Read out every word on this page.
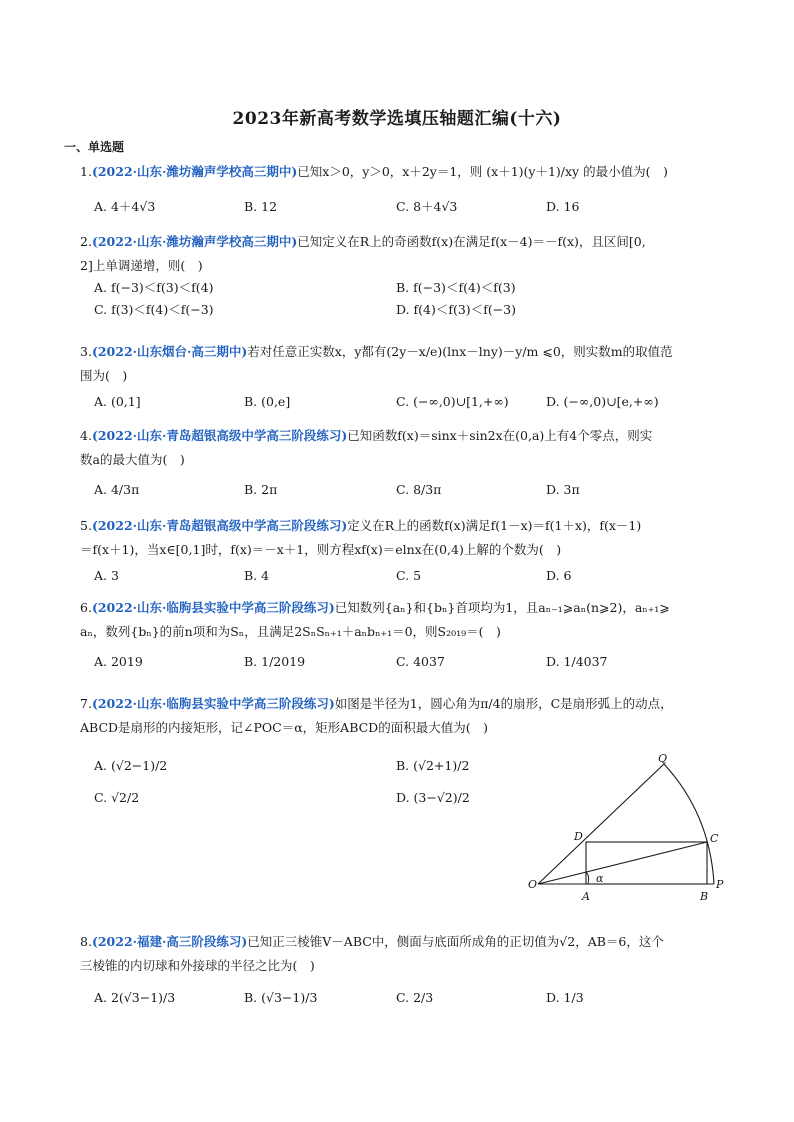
2023年新高考数学选填压轴题汇编(十六)
一、单选题
1.(2022·山东·潍坊瀚声学校高三期中)已知x＞0，y＞0，x＋2y＝1，则 (x＋1)(y＋1)/xy 的最小值为(　)
A. 4＋4√3	B. 12	C. 8＋4√3	D. 16
2.(2022·山东·潍坊瀚声学校高三期中)已知定义在R上的奇函数f(x)在满足f(x－4)＝－f(x)，且区间[0,
2]上单调递增，则(　)
A. f(−3)＜f(3)＜f(4)	B. f(−3)＜f(4)＜f(3)
C. f(3)＜f(4)＜f(−3)	D. f(4)＜f(3)＜f(−3)
3.(2022·山东烟台·高三期中)若对任意正实数x，y都有(2y－x/e)(lnx－lny)－y/m ⩽0，则实数m的取值范
围为(　)
A. (0,1]	B. (0,e]	C. (−∞,0)∪[1,+∞)	D. (−∞,0)∪[e,+∞)
4.(2022·山东·青岛超银高级中学高三阶段练习)已知函数f(x)＝sinx＋sin2x在(0,a)上有4个零点，则实
数a的最大值为(　)
A. 4/3π	B. 2π	C. 8/3π	D. 3π
5.(2022·山东·青岛超银高级中学高三阶段练习)定义在R上的函数f(x)满足f(1－x)＝f(1＋x)，f(x－1)
＝f(x＋1)，当x∈[0,1]时，f(x)＝－x＋1，则方程xf(x)＝elnx在(0,4)上解的个数为(　)
A. 3	B. 4	C. 5	D. 6
6.(2022·山东·临朐县实验中学高三阶段练习)已知数列{aₙ}和{bₙ}首项均为1，且aₙ₋₁⩾aₙ(n⩾2)，aₙ₊₁⩾
aₙ，数列{bₙ}的前n项和为Sₙ，且满足2SₙSₙ₊₁＋aₙbₙ₊₁＝0，则S₂₀₁₉＝(　)
A. 2019	B. 1/2019	C. 4037	D. 1/4037
7.(2022·山东·临朐县实验中学高三阶段练习)如图是半径为1，圆心角为π/4的扇形，C是扇形弧上的动点，
ABCD是扇形的内接矩形，记∠POC＝α，矩形ABCD的面积最大值为(　)
A. (√2−1)/2	B. (√2+1)/2
C. √2/2	D. (3−√2)/2
Q
D	C
O	α
A	B
P
8.(2022·福建·高三阶段练习)已知正三棱锥V－ABC中，侧面与底面所成角的正切值为√2，AB＝6，这个
三棱锥的内切球和外接球的半径之比为(　)
A. 2(√3−1)/3	B. (√3−1)/3	C. 2/3	D. 1/3
